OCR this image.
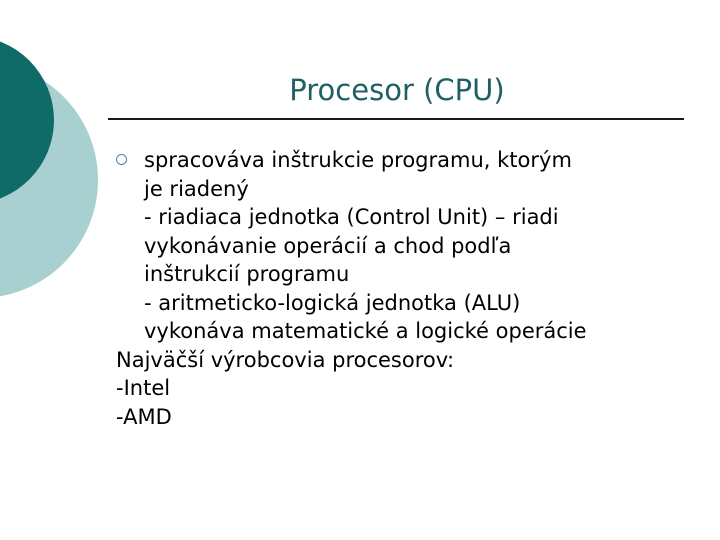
Procesor (CPU)
spracováva inštrukcie programu, ktorým
je riadený
- riadiaca jednotka (Control Unit) – riadi
vykonávanie operácií a chod podľa
inštrukcií programu
- aritmeticko-logická jednotka (ALU)
vykonáva matematické a logické operácie
Najväčší výrobcovia procesorov:
-Intel
-AMD
